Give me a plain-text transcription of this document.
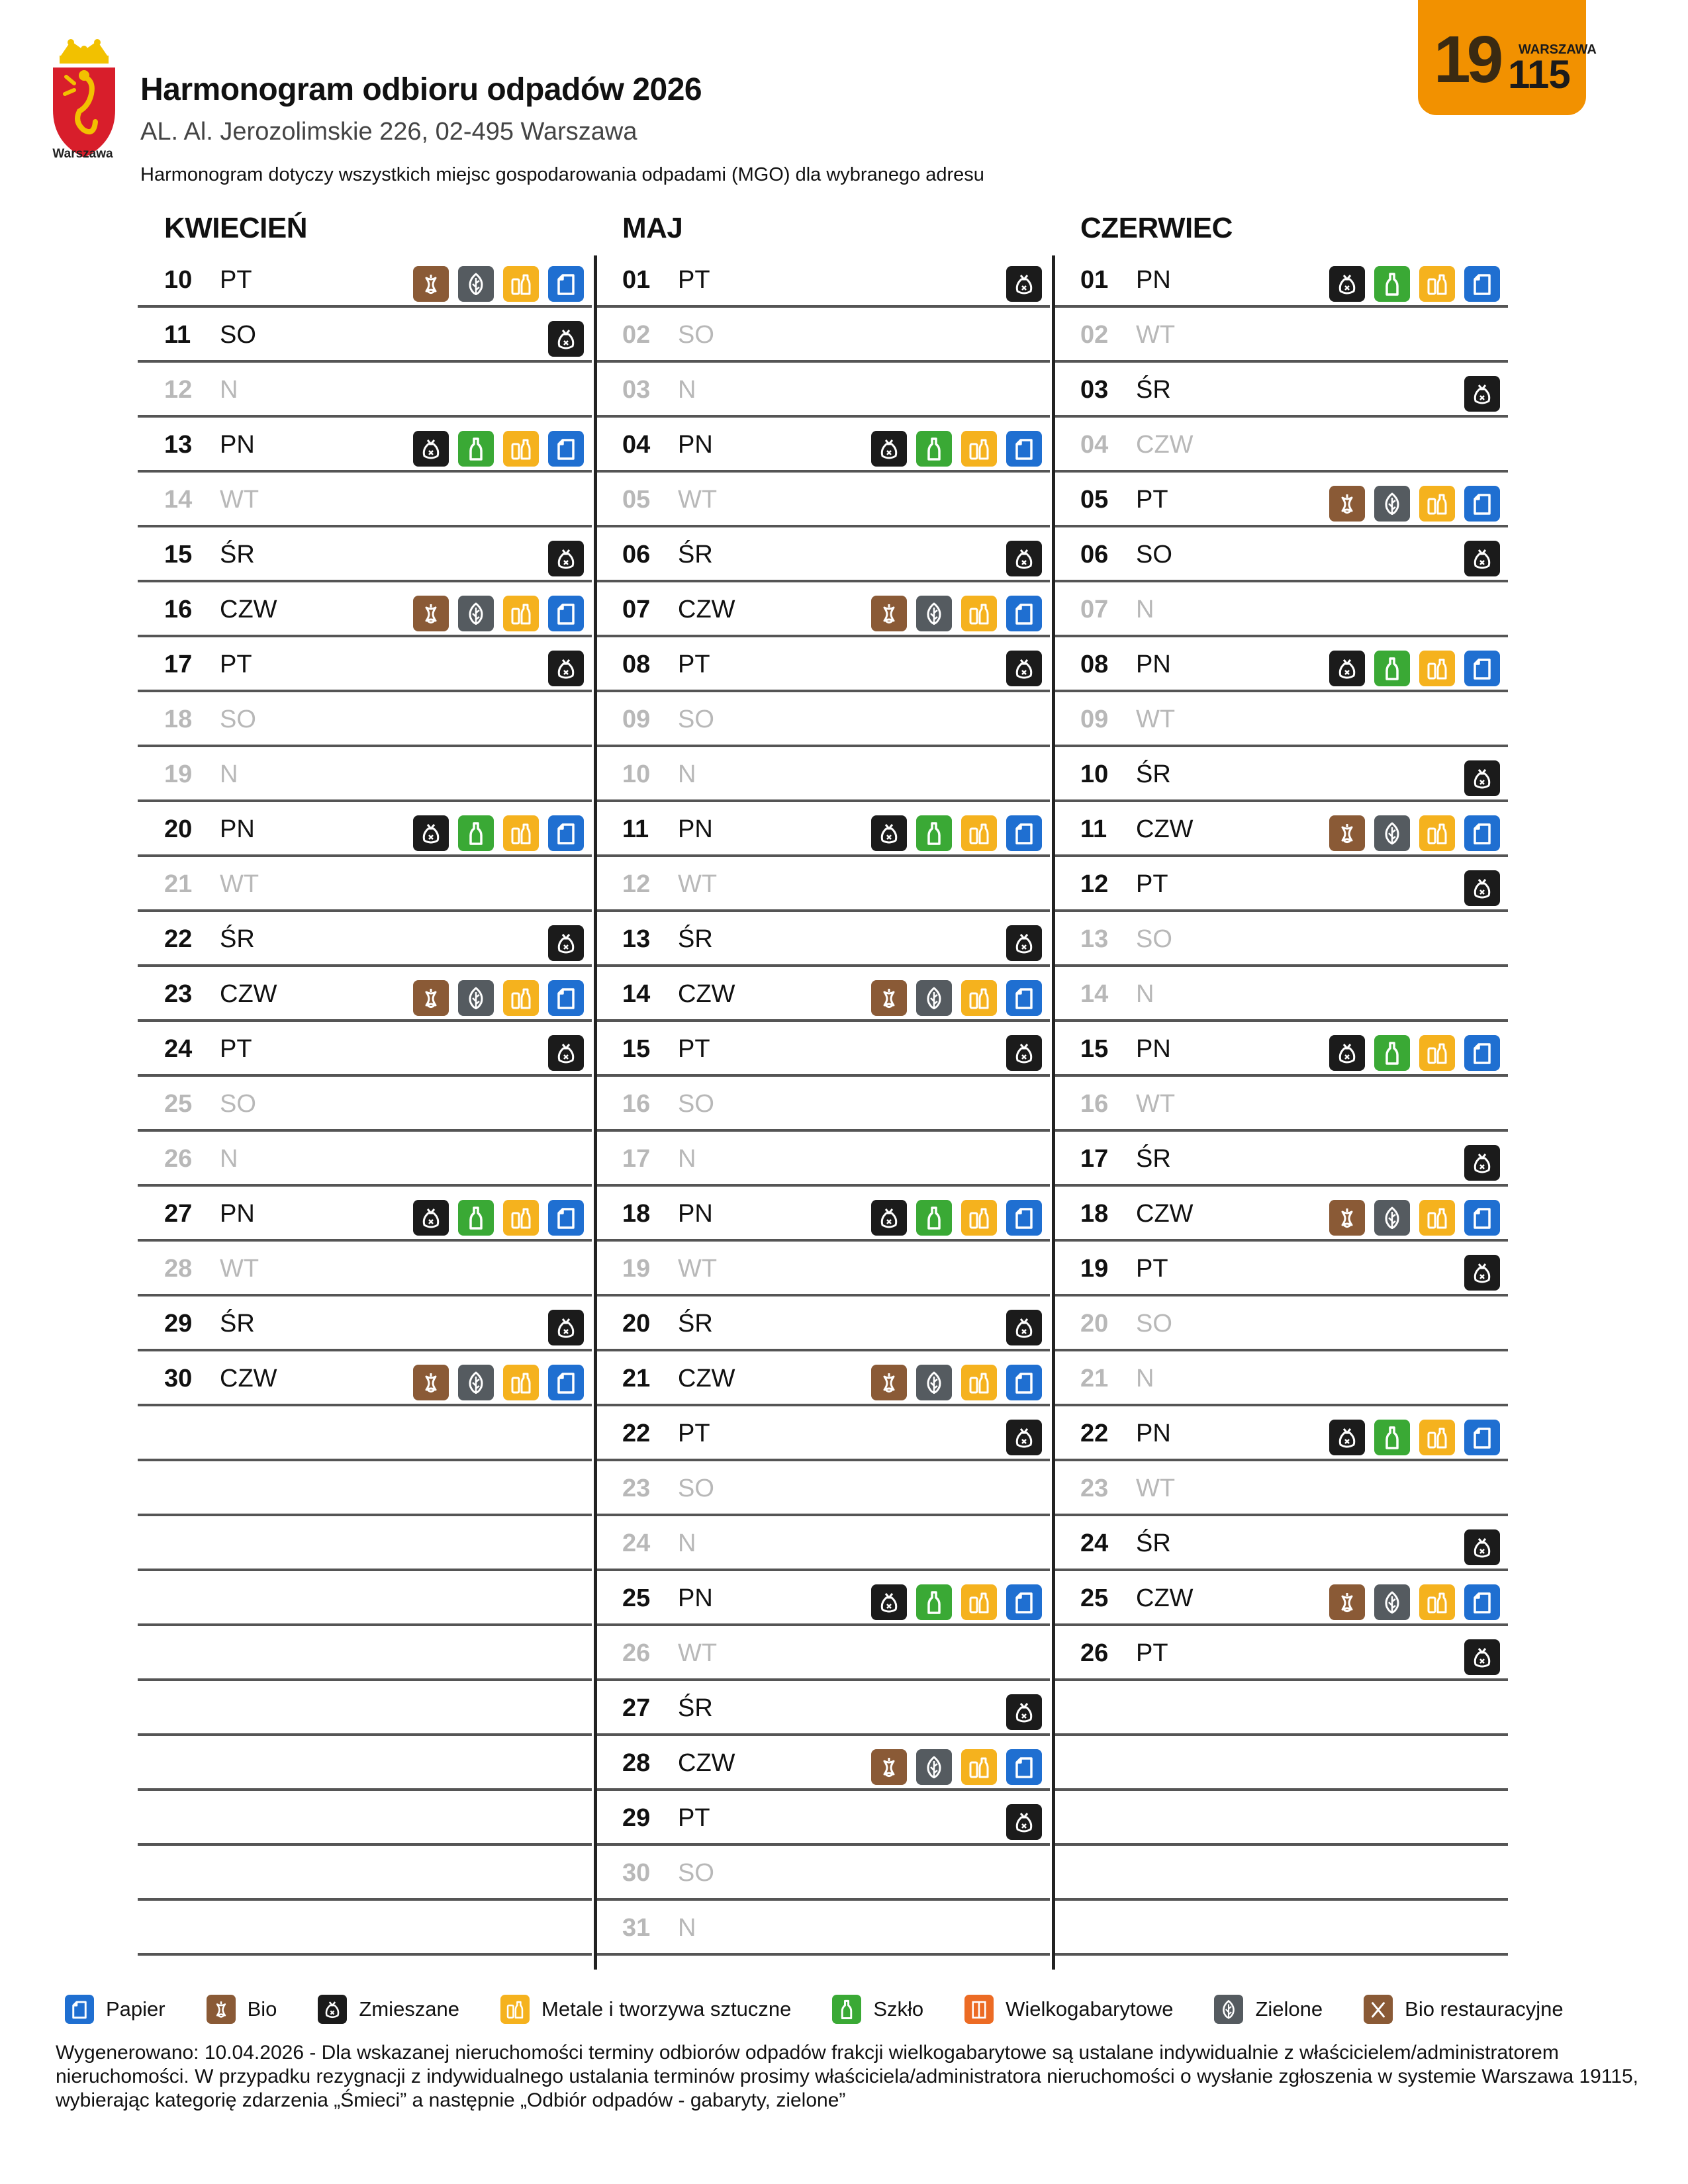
Warszawa
Harmonogram odbioru odpadów 2026
AL. Al. Jerozolimskie 226, 02-495 Warszawa
Harmonogram dotyczy wszystkich miejsc gospodarowania odpadami (MGO) dla wybranego adresu
19 WARSZAWA
115
KWIECIEŃ
10 PT
11 SO
12 N
13 PN
14 WT
15 ŚR
16 CZW
17 PT
18 SO
19 N
20 PN
21 WT
22 ŚR
23 CZW
24 PT
25 SO
26 N
27 PN
28 WT
29 ŚR
30 CZW
MAJ
01 PT
02 SO
03 N
04 PN
05 WT
06 ŚR
07 CZW
08 PT
09 SO
10 N
11 PN
12 WT
13 ŚR
14 CZW
15 PT
16 SO
17 N
18 PN
19 WT
20 ŚR
21 CZW
22 PT
23 SO
24 N
25 PN
26 WT
27 ŚR
28 CZW
29 PT
30 SO
31 N
CZERWIEC
01 PN
02 WT
03 ŚR
04 CZW
05 PT
06 SO
07 N
08 PN
09 WT
10 ŚR
11 CZW
12 PT
13 SO
14 N
15 PN
16 WT
17 ŚR
18 CZW
19 PT
20 SO
21 N
22 PN
23 WT
24 ŚR
25 CZW
26 PT
Papier	Bio	Zmieszane	Metale i tworzywa sztuczne	Szkło	Wielkogabarytowe	Zielone	Bio restauracyjne
Wygenerowano: 10.04.2026 - Dla wskazanej nieruchomości terminy odbiorów odpadów frakcji wielkogabarytowe są ustalane indywidualnie z właścicielem/administratorem
nieruchomości. W przypadku rezygnacji z indywidualnego ustalania terminów prosimy właściciela/administratora nieruchomości o wysłanie zgłoszenia w systemie Warszawa 19115,
wybierając kategorię zdarzenia „Śmieci” a następnie „Odbiór odpadów - gabaryty, zielone”
